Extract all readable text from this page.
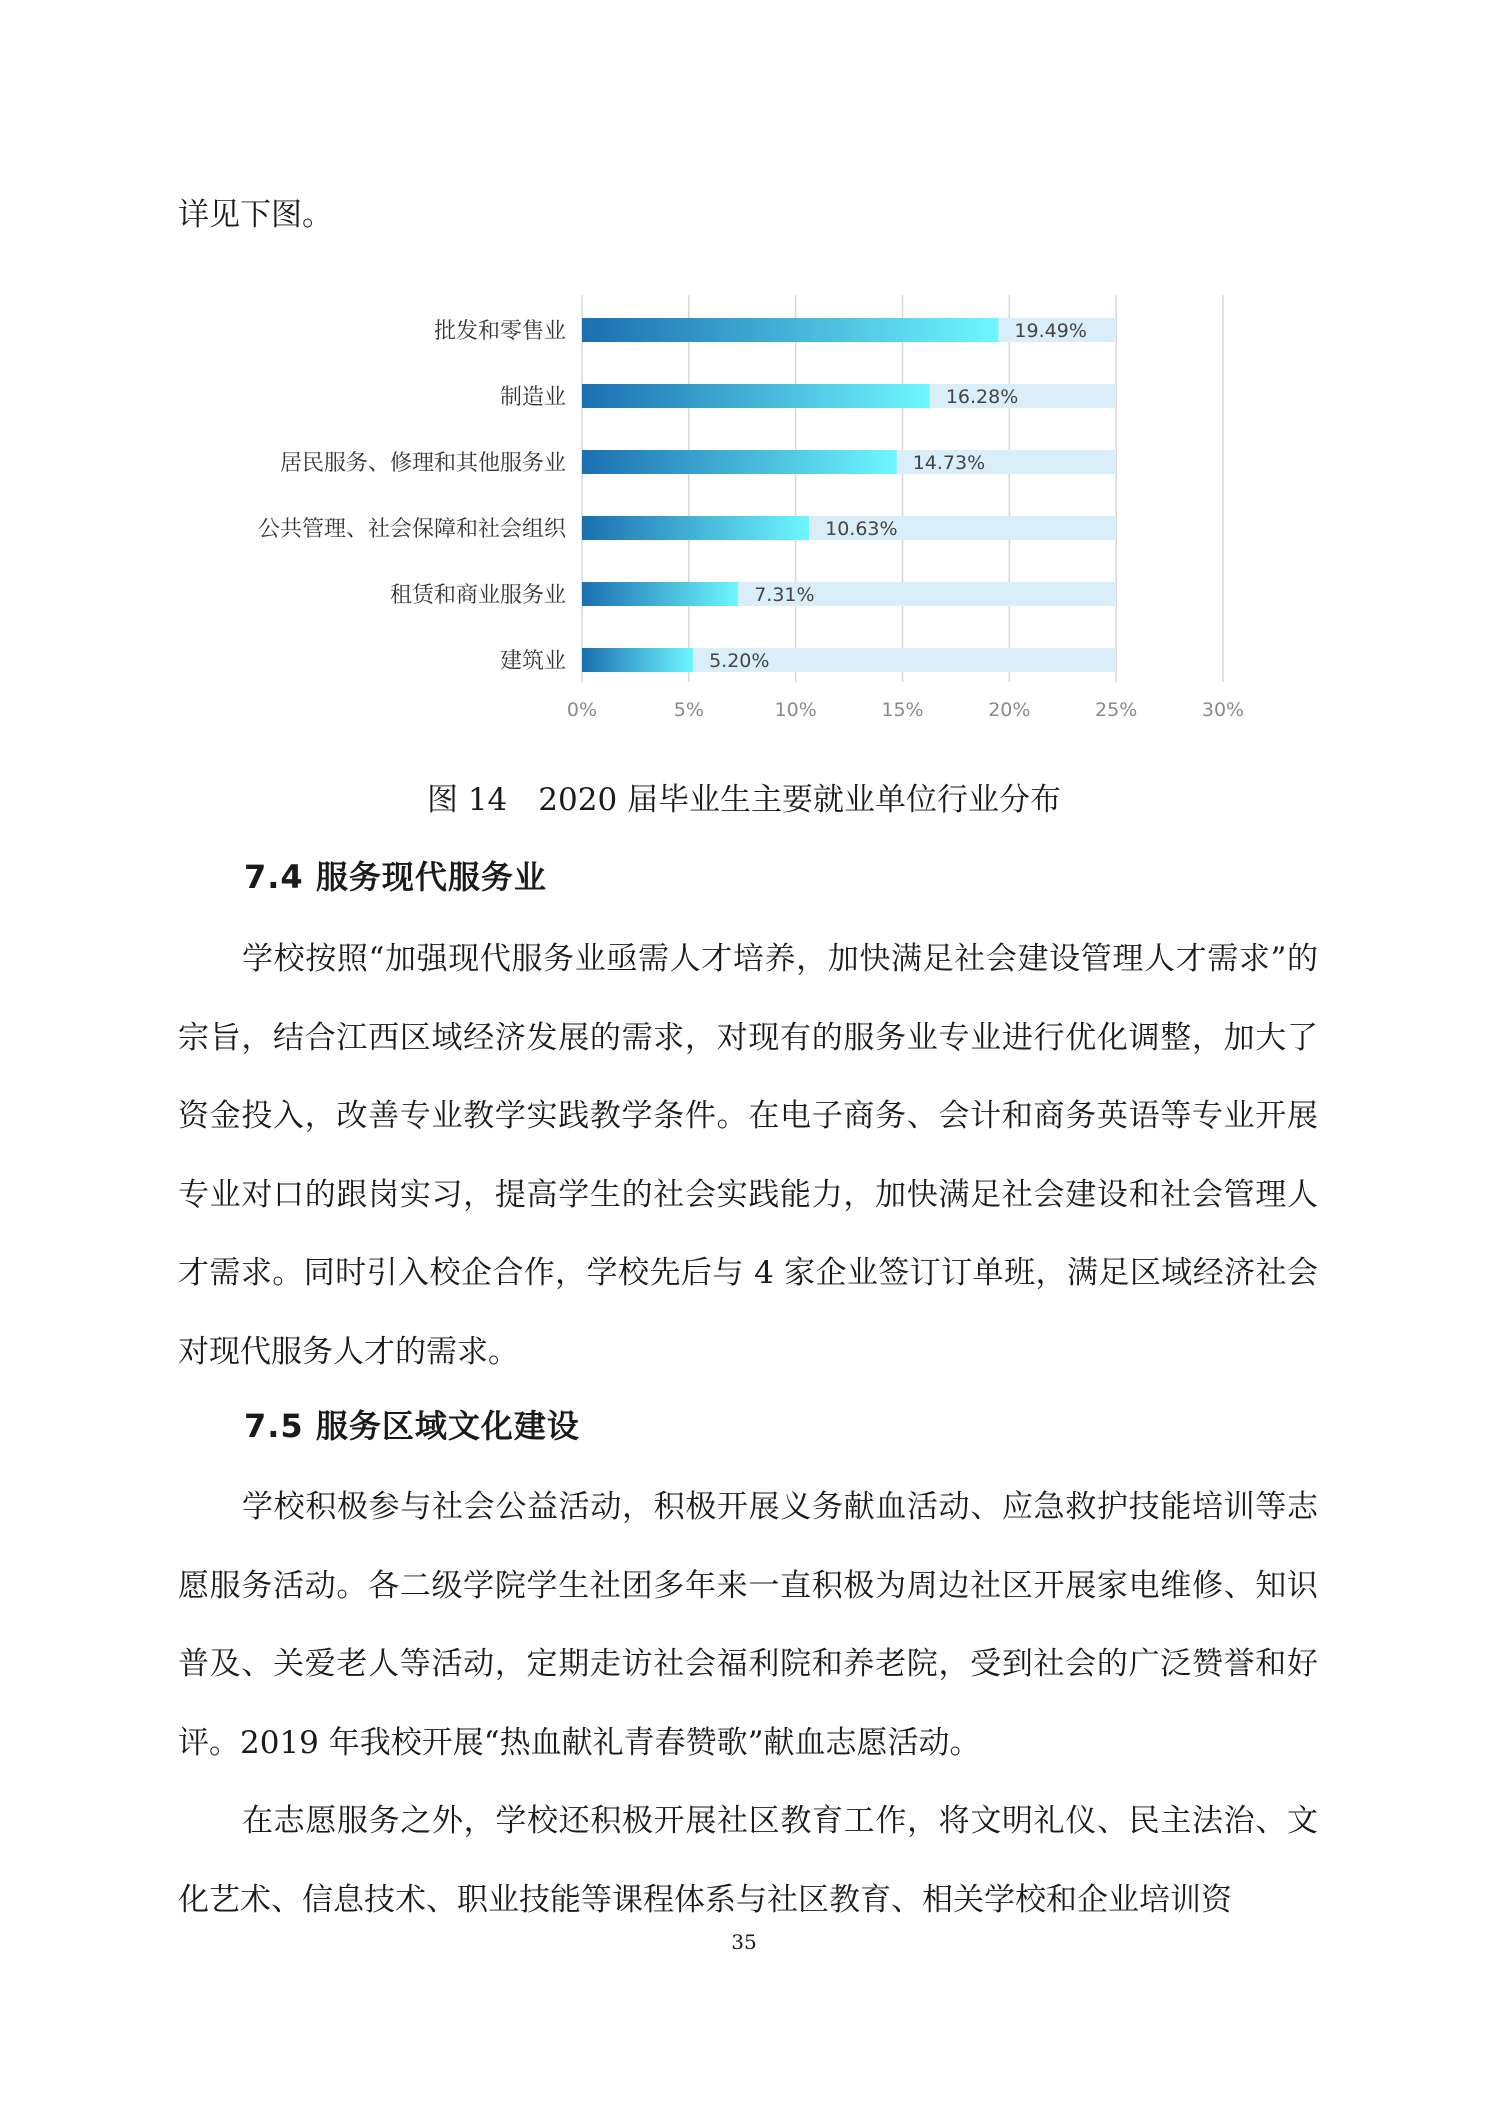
详见下图。

0%	5%	10%	15%	20%	25%	30%
批发和零售业	19.49%
制造业	16.28%
居民服务、修理和其他服务业	14.73%
公共管理、社会保障和社会组织	10.63%
租赁和商业服务业	7.31%
建筑业	5.20%

图 14　2020 届毕业生主要就业单位行业分布

7.4 服务现代服务业

学校按照“加强现代服务业亟需人才培养，加快满足社会建设管理人才需求”的宗旨，结合江西区域经济发展的需求，对现有的服务业专业进行优化调整，加大了资金投入，改善专业教学实践教学条件。在电子商务、会计和商务英语等专业开展专业对口的跟岗实习，提高学生的社会实践能力，加快满足社会建设和社会管理人才需求。同时引入校企合作，学校先后与 4 家企业签订订单班，满足区域经济社会对现代服务人才的需求。

7.5 服务区域文化建设

学校积极参与社会公益活动，积极开展义务献血活动、应急救护技能培训等志愿服务活动。各二级学院学生社团多年来一直积极为周边社区开展家电维修、知识普及、关爱老人等活动，定期走访社会福利院和养老院，受到社会的广泛赞誉和好评。2019 年我校开展“热血献礼青春赞歌”献血志愿活动。

在志愿服务之外，学校还积极开展社区教育工作，将文明礼仪、民主法治、文化艺术、信息技术、职业技能等课程体系与社区教育、相关学校和企业培训资

35
